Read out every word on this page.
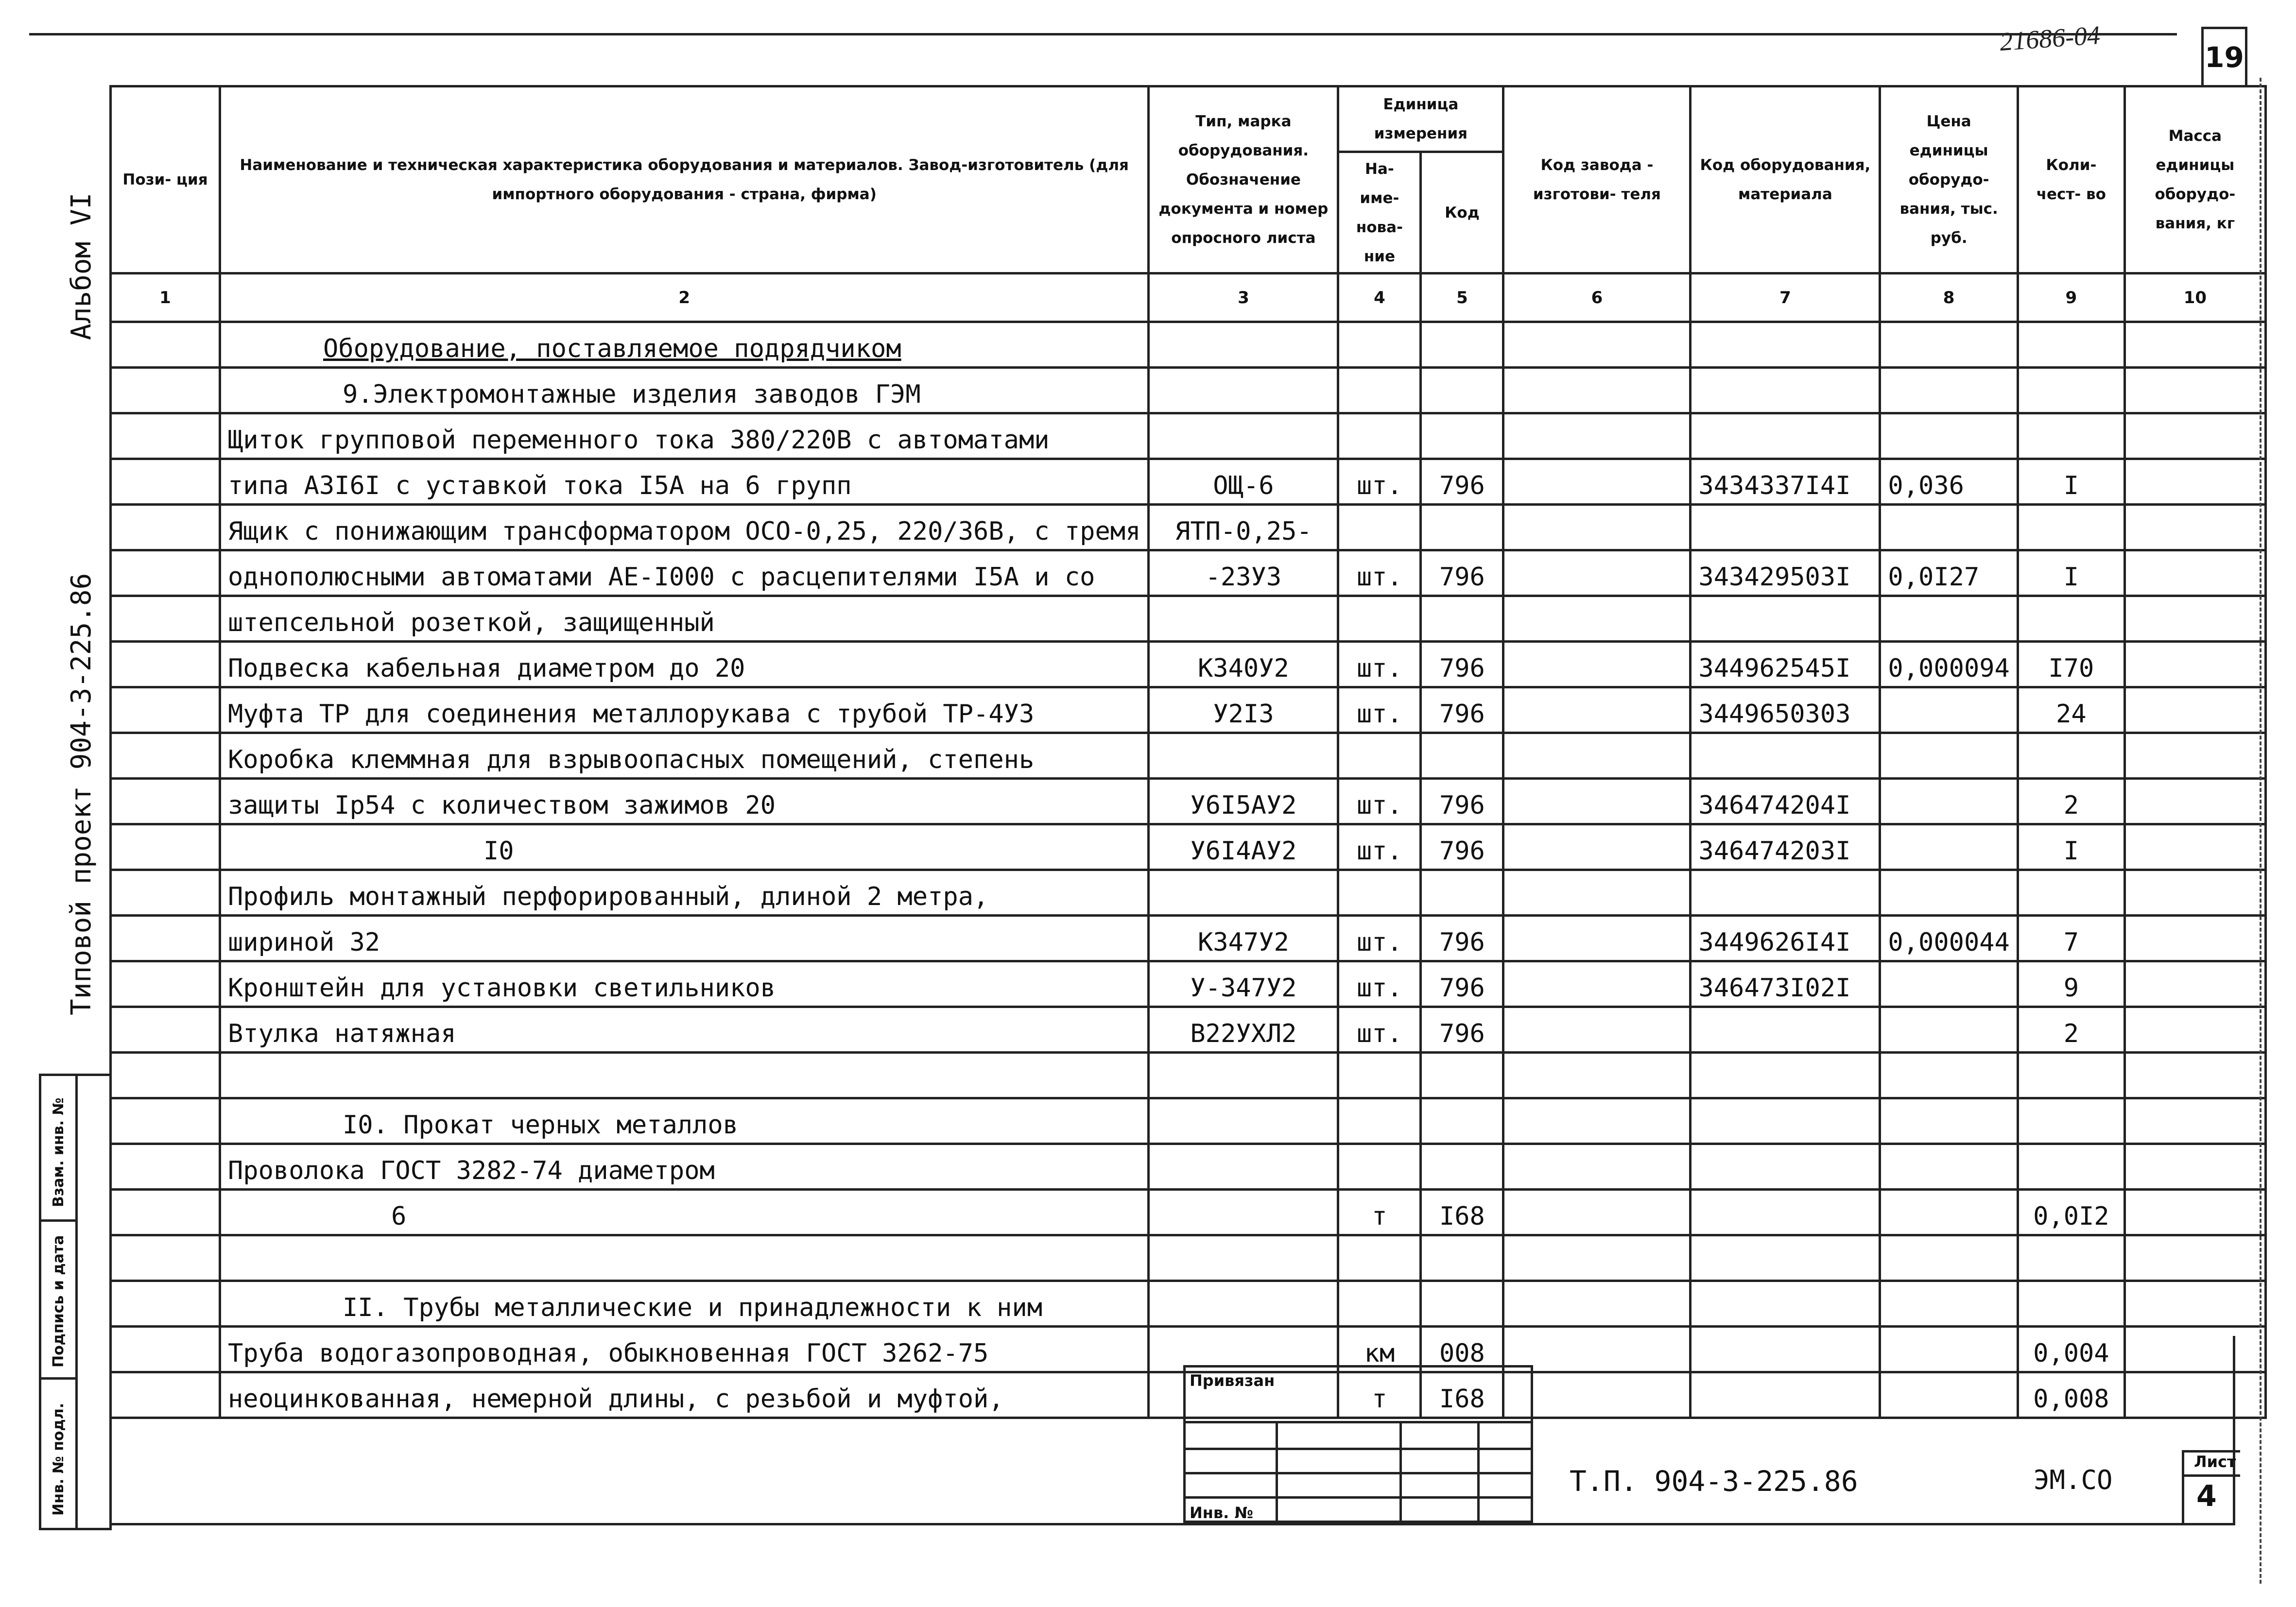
21686-04
19
Альбом VI
Типовой проект 904-3-225.86
Взам. инв. №
Подпись и дата
Инв. № подл.
Пози- ция	Наименование и техническая характеристика оборудования и материалов. Завод-изготовитель (для импортного оборудования - страна, фирма)	Тип, марка оборудования. Обозначение документа и номер опросного листа	Единица измерения		Код завода - изготови- теля	Код оборудования, материала	Цена единицы оборудо- вания, тыс. руб.	Коли- чест- во	Масса единицы оборудо- вания, кг
			На- име- нова- ние	Код					
1	2	3	4	5	6	7	8	9	10
	Оборудование, поставляемое подрядчиком								
	9.Электромонтажные изделия заводов ГЭМ								
	Щиток групповой переменного тока 380/220В с автоматами								
	типа АЗI6I с уставкой тока I5А на 6 групп	ОЩ-6	шт.	796		3434337I4I	0,036	I	
	Ящик с понижающим трансформатором ОСО-0,25, 220/36В, с тремя	ЯТП-0,25-							
	однополюсными автоматами АЕ-I000 с расцепителями I5А и со	-23У3	шт.	796		343429503I	0,0I27	I	
	штепсельной розеткой, защищенный								
	Подвеска кабельная диаметром до 20	К340У2	шт.	796		344962545I	0,000094	I70	
	Муфта ТР для соединения металлорукава с трубой ТР-4У3	У2I3	шт.	796		3449650303		24	
	Коробка клеммная для взрывоопасных помещений, степень								
	защиты Ip54 с количеством зажимов 20	У6I5АУ2	шт.	796		346474204I		2	
	I0	У6I4АУ2	шт.	796		346474203I		I	
	Профиль монтажный перфорированный, длиной 2 метра,								
	шириной 32	К347У2	шт.	796		3449626I4I	0,000044	7	
	Кронштейн для установки светильников	У-347У2	шт.	796		346473I02I		9	
	Втулка натяжная	В22УХЛ2	шт.	796				2	

	I0. Прокат черных металлов								
	Проволока ГОСТ 3282-74 диаметром								
	6		т	I68				0,0I2	

	II. Трубы металлические и принадлежности к ним								
	Труба водогазопроводная, обыкновенная ГОСТ 3262-75		км	008				0,004	
	неоцинкованная, немерной длины, с резьбой и муфтой,		т	I68				0,008	
Привязан
Инв. №
Т.П. 904-3-225.86	ЭМ.СО
Лист
4
